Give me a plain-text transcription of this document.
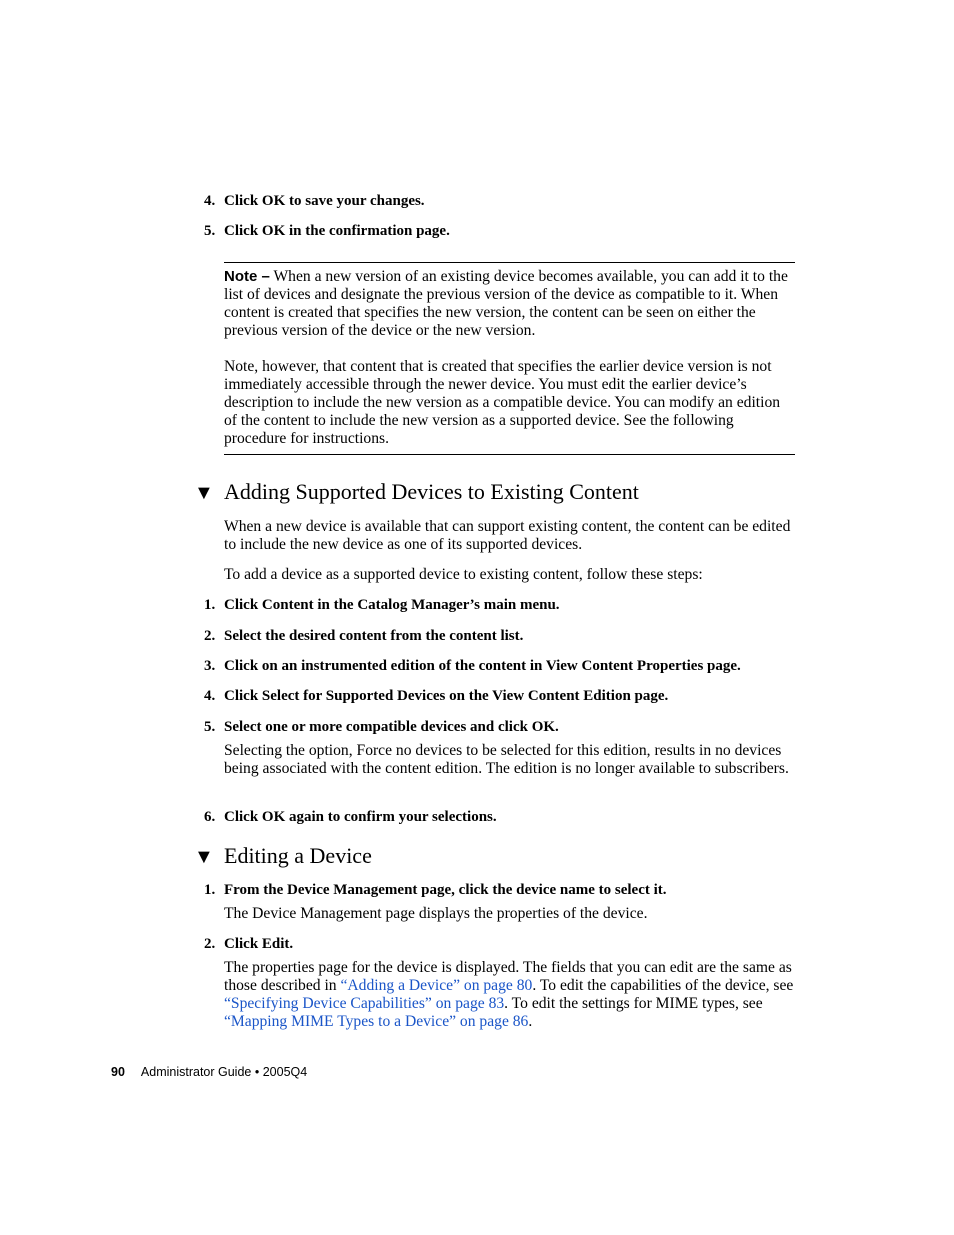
4. Click OK to save your changes.
5. Click OK in the confirmation page.
Note – When a new version of an existing device becomes available, you can add it to the list of devices and designate the previous version of the device as compatible to it. When content is created that specifies the new version, the content can be seen on either the previous version of the device or the new version.
Note, however, that content that is created that specifies the earlier device version is not immediately accessible through the newer device. You must edit the earlier device’s description to include the new version as a compatible device. You can modify an edition of the content to include the new version as a supported device. See the following procedure for instructions.
▼ Adding Supported Devices to Existing Content
When a new device is available that can support existing content, the content can be edited to include the new device as one of its supported devices.
To add a device as a supported device to existing content, follow these steps:
1. Click Content in the Catalog Manager’s main menu.
2. Select the desired content from the content list.
3. Click on an instrumented edition of the content in View Content Properties page.
4. Click Select for Supported Devices on the View Content Edition page.
5. Select one or more compatible devices and click OK.
Selecting the option, Force no devices to be selected for this edition, results in no devices being associated with the content edition. The edition is no longer available to subscribers.
6. Click OK again to confirm your selections.
▼ Editing a Device
1. From the Device Management page, click the device name to select it.
The Device Management page displays the properties of the device.
2. Click Edit.
The properties page for the device is displayed. The fields that you can edit are the same as those described in “Adding a Device” on page 80. To edit the capabilities of the device, see “Specifying Device Capabilities” on page 83. To edit the settings for MIME types, see “Mapping MIME Types to a Device” on page 86.
90 Administrator Guide • 2005Q4
